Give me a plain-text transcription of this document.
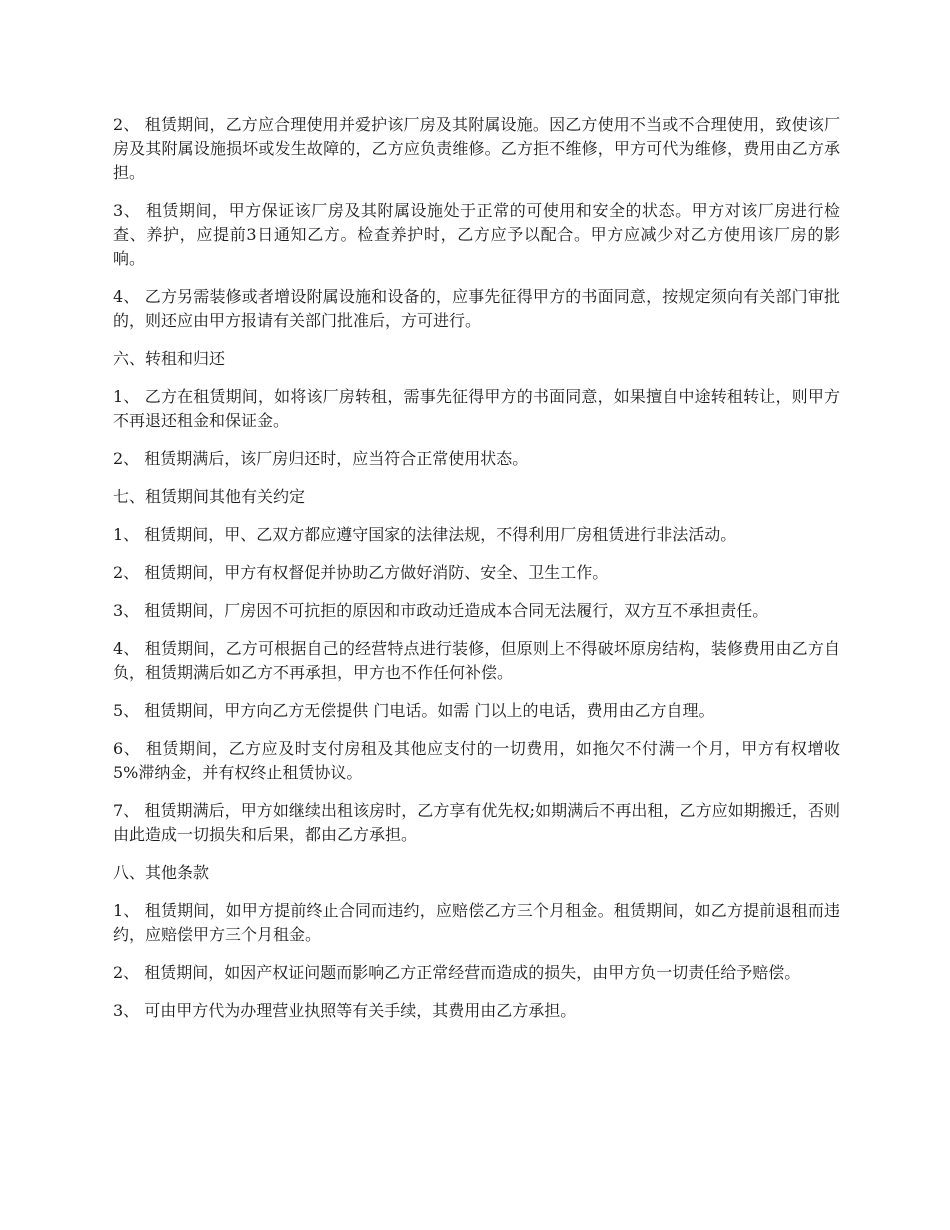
2、 租赁期间，乙方应合理使用并爱护该厂房及其附属设施。因乙方使用不当或不合理使用，致使该厂房及其附属设施损坏或发生故障的，乙方应负责维修。乙方拒不维修，甲方可代为维修，费用由乙方承担。

3、 租赁期间，甲方保证该厂房及其附属设施处于正常的可使用和安全的状态。甲方对该厂房进行检查、养护，应提前3日通知乙方。检查养护时，乙方应予以配合。甲方应减少对乙方使用该厂房的影响。

4、 乙方另需装修或者增设附属设施和设备的，应事先征得甲方的书面同意，按规定须向有关部门审批的，则还应由甲方报请有关部门批准后，方可进行。

六、转租和归还

1、 乙方在租赁期间，如将该厂房转租，需事先征得甲方的书面同意，如果擅自中途转租转让，则甲方不再退还租金和保证金。

2、 租赁期满后，该厂房归还时，应当符合正常使用状态。

七、租赁期间其他有关约定

1、 租赁期间，甲、乙双方都应遵守国家的法律法规，不得利用厂房租赁进行非法活动。

2、 租赁期间，甲方有权督促并协助乙方做好消防、安全、卫生工作。

3、 租赁期间，厂房因不可抗拒的原因和市政动迁造成本合同无法履行，双方互不承担责任。

4、 租赁期间，乙方可根据自己的经营特点进行装修，但原则上不得破坏原房结构，装修费用由乙方自负，租赁期满后如乙方不再承担，甲方也不作任何补偿。

5、 租赁期间，甲方向乙方无偿提供 门电话。如需 门以上的电话，费用由乙方自理。

6、 租赁期间，乙方应及时支付房租及其他应支付的一切费用，如拖欠不付满一个月，甲方有权增收 5%滞纳金，并有权终止租赁协议。

7、 租赁期满后，甲方如继续出租该房时，乙方享有优先权;如期满后不再出租，乙方应如期搬迁，否则由此造成一切损失和后果，都由乙方承担。

八、其他条款

1、 租赁期间，如甲方提前终止合同而违约，应赔偿乙方三个月租金。租赁期间，如乙方提前退租而违约，应赔偿甲方三个月租金。

2、 租赁期间，如因产权证问题而影响乙方正常经营而造成的损失，由甲方负一切责任给予赔偿。

3、 可由甲方代为办理营业执照等有关手续，其费用由乙方承担。
